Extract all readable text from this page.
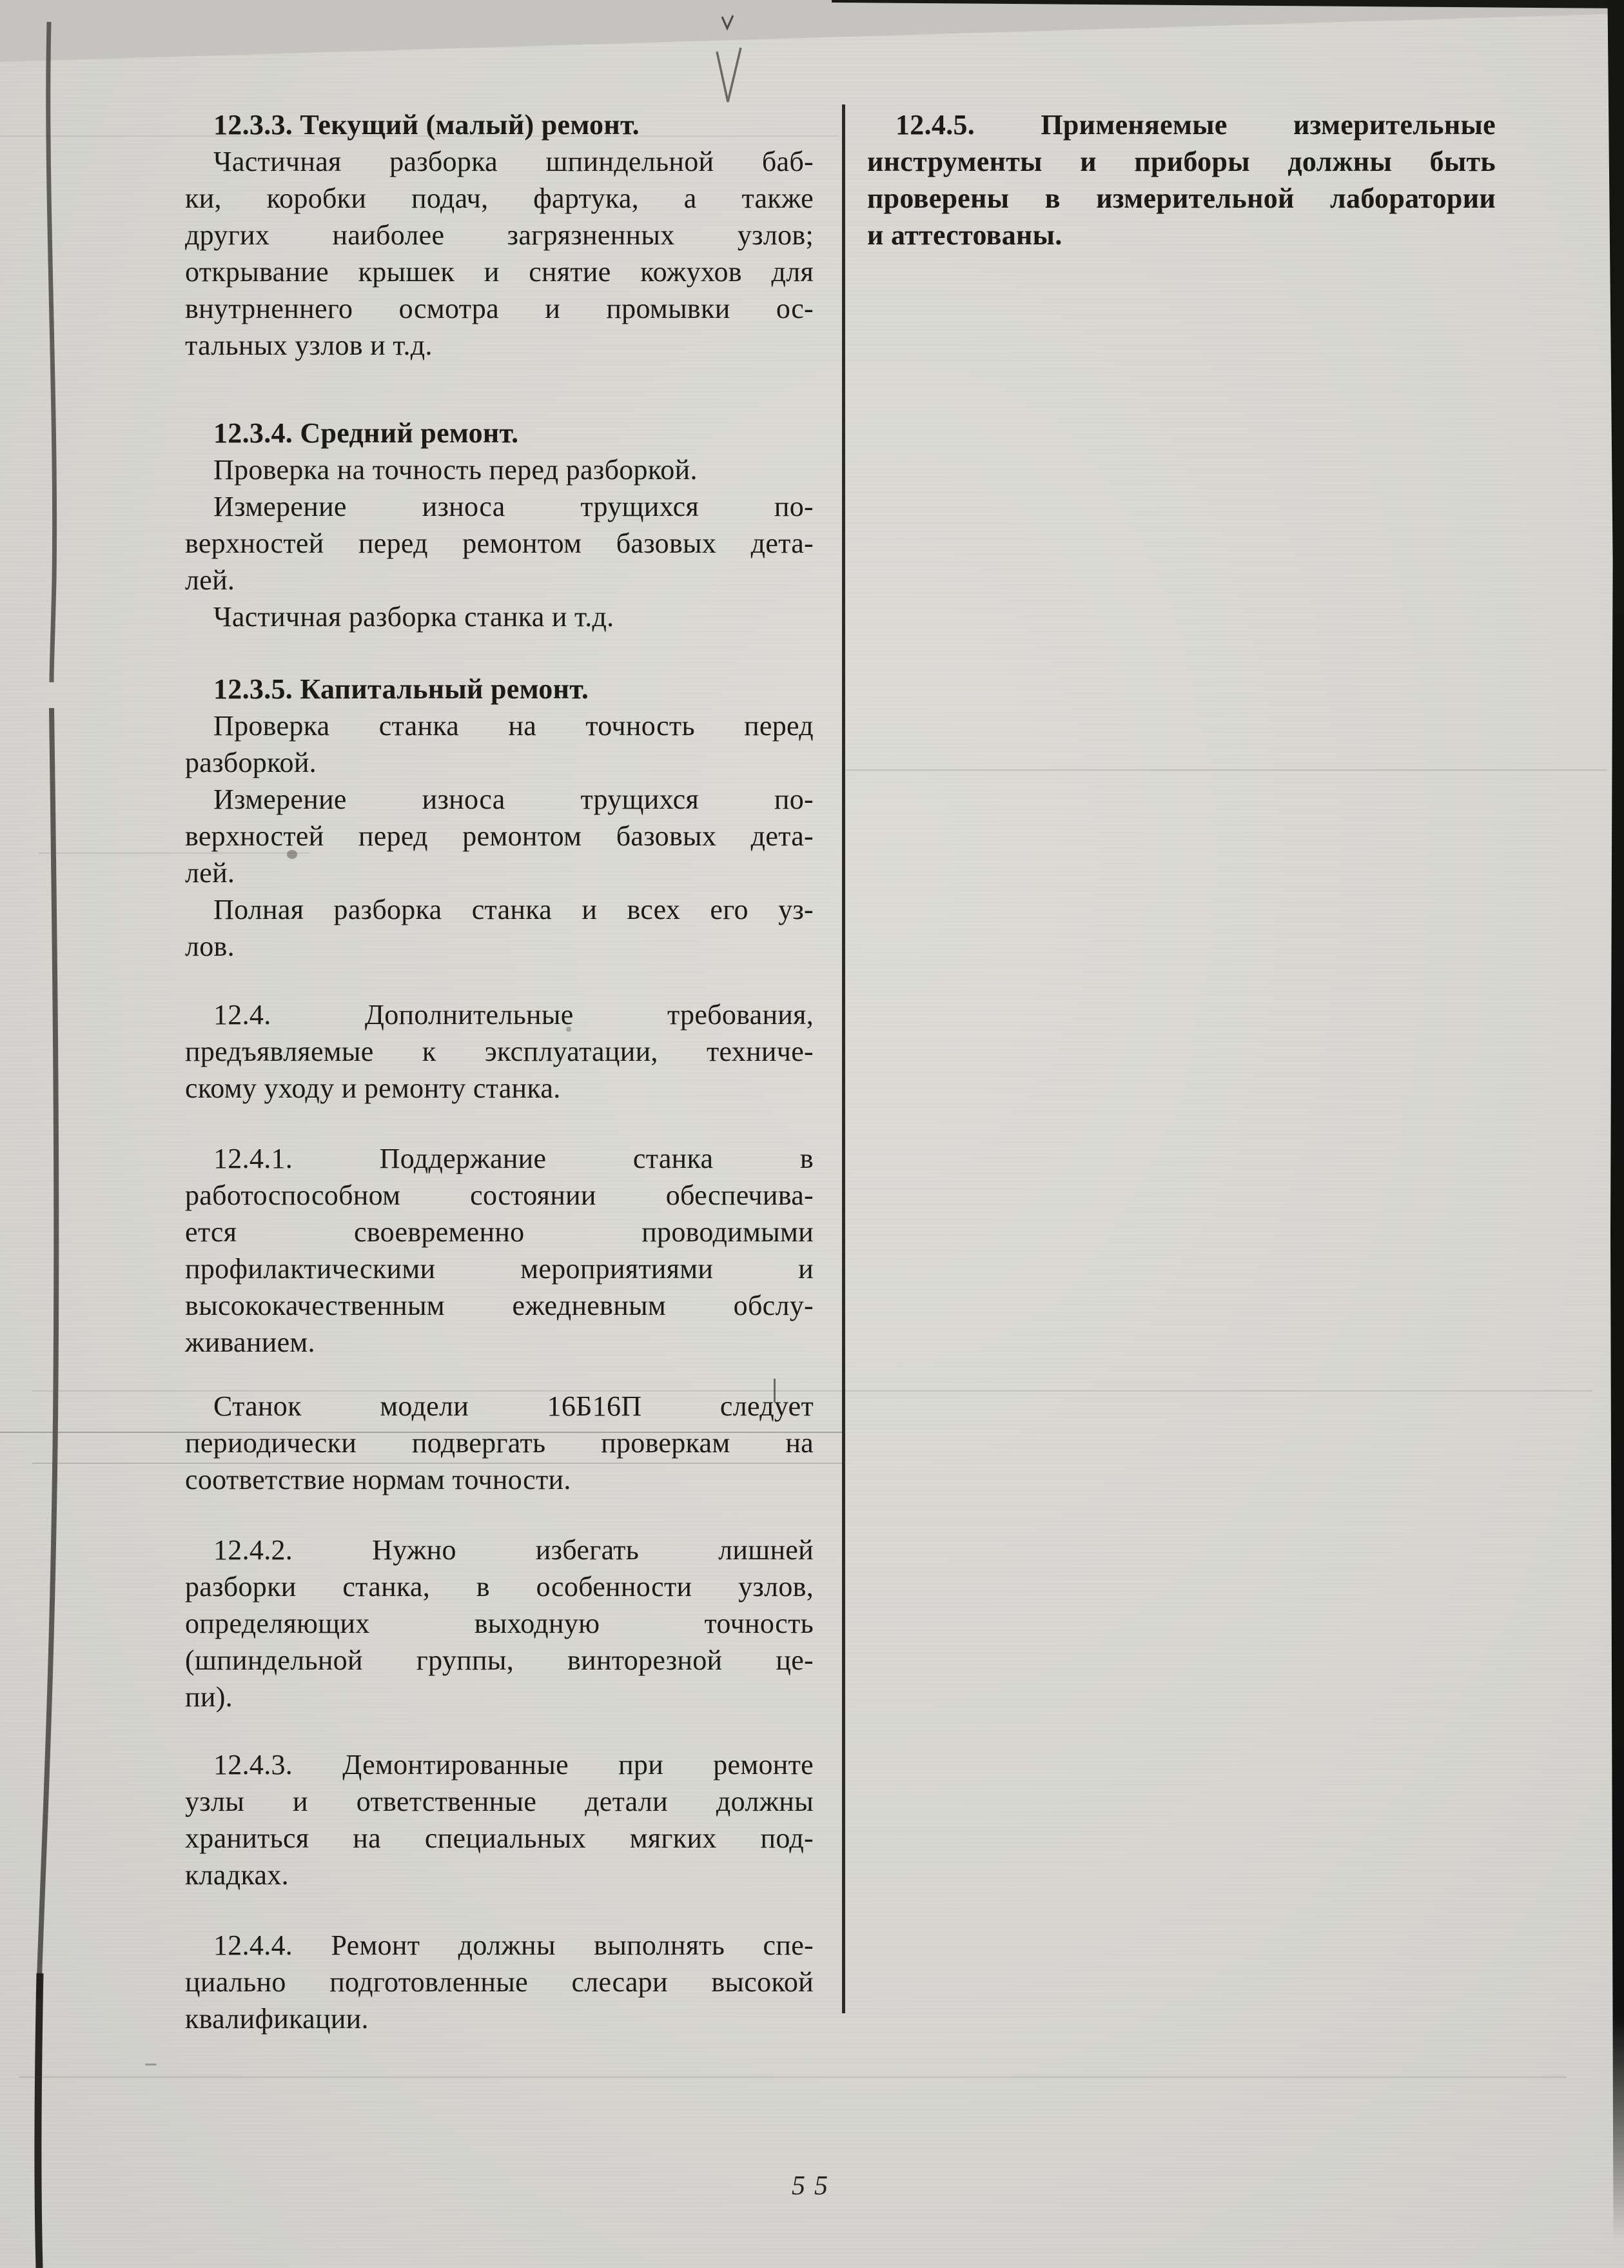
12.3.3. Текущий (малый) ремонт.
Частичная разборка шпиндельной баб-
ки, коробки подач, фартука, а также
других наиболее загрязненных узлов;
открывание крышек и снятие кожухов для
внутрненнего осмотра и промывки ос-
тальных узлов и т.д.
12.3.4. Средний ремонт.
Проверка на точность перед разборкой.
Измерение износа трущихся по-
верхностей перед ремонтом базовых дета-
лей.
Частичная разборка станка и т.д.
12.3.5. Капитальный ремонт.
Проверка станка на точность перед
разборкой.
Измерение износа трущихся по-
верхностей перед ремонтом базовых дета-
лей.
Полная разборка станка и всех его уз-
лов.
12.4. Дополнительные требования,
предъявляемые к эксплуатации, техниче-
скому уходу и ремонту станка.
12.4.1. Поддержание станка в
работоспособном состоянии обеспечива-
ется своевременно проводимыми
профилактическими мероприятиями и
высококачественным ежедневным обслу-
живанием.
Станок модели 16Б16П следует
периодически подвергать проверкам на
соответствие нормам точности.
12.4.2. Нужно избегать лишней
разборки станка, в особенности узлов,
определяющих выходную точность
(шпиндельной группы, винторезной це-
пи).
12.4.3. Демонтированные при ремонте
узлы и ответственные детали должны
храниться на специальных мягких под-
кладках.
12.4.4. Ремонт должны выполнять спе-
циально подготовленные слесари высокой
квалификации.
12.4.5. Применяемые измерительные
инструменты и приборы должны быть
проверены в измерительной лаборатории
и аттестованы.
55
